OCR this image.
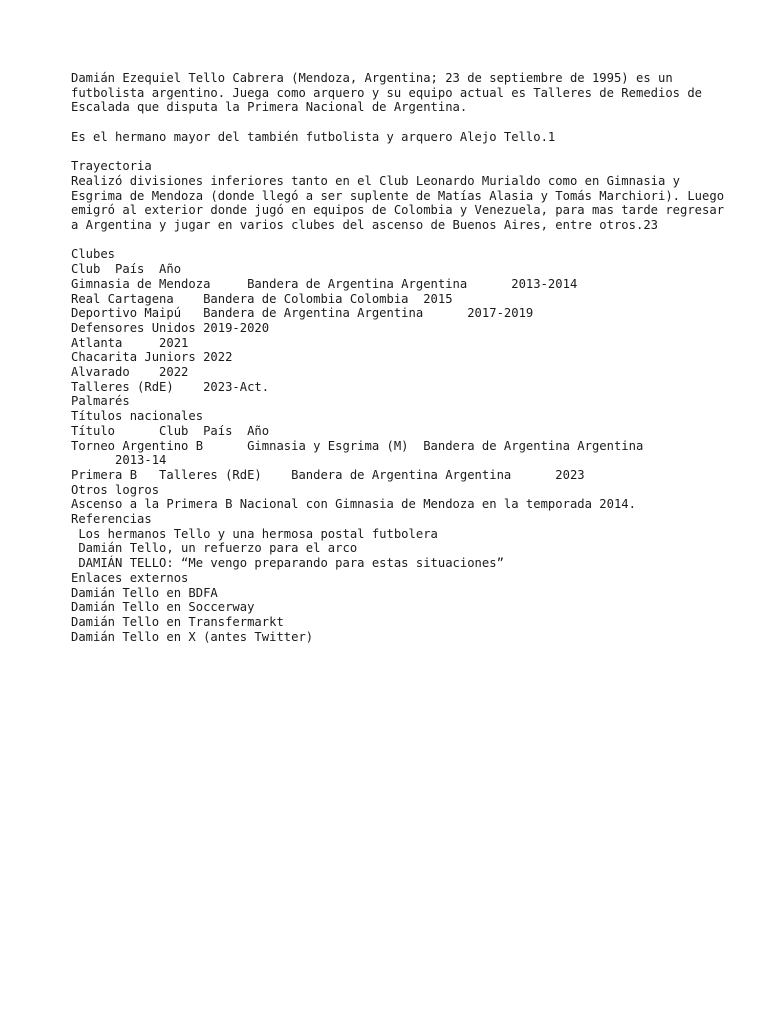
Damián Ezequiel Tello Cabrera (Mendoza, Argentina; 23 de septiembre de 1995) es un futbolista argentino. Juega como arquero y su equipo actual es Talleres de Remedios de Escalada que disputa la Primera Nacional de Argentina.

Es el hermano mayor del también futbolista y arquero Alejo Tello.1

Trayectoria

Realizó divisiones inferiores tanto en el Club Leonardo Murialdo como en Gimnasia y Esgrima de Mendoza (donde llegó a ser suplente de Matías Alasia y Tomás Marchiori). Luego emigró al exterior donde jugó en equipos de Colombia y Venezuela, para mas tarde regresar a Argentina y jugar en varios clubes del ascenso de Buenos Aires, entre otros.23

Clubes
Club  País  Año
Gimnasia de Mendoza     Bandera de Argentina Argentina      2013-2014
Real Cartagena    Bandera de Colombia Colombia  2015
Deportivo Maipú   Bandera de Argentina Argentina      2017-2019
Defensores Unidos 2019-2020
Atlanta     2021
Chacarita Juniors 2022
Alvarado    2022
Talleres (RdE)    2023-Act.
Palmarés
Títulos nacionales
Título      Club  País  Año
Torneo Argentino B      Gimnasia y Esgrima (M)  Bandera de Argentina Argentina
2013-14
Primera B   Talleres (RdE)    Bandera de Argentina Argentina      2023
Otros logros
Ascenso a la Primera B Nacional con Gimnasia de Mendoza en la temporada 2014.
Referencias
Los hermanos Tello y una hermosa postal futbolera
Damián Tello, un refuerzo para el arco
DAMIÁN TELLO: “Me vengo preparando para estas situaciones”
Enlaces externos
Damián Tello en BDFA
Damián Tello en Soccerway
Damián Tello en Transfermarkt
Damián Tello en X (antes Twitter)
